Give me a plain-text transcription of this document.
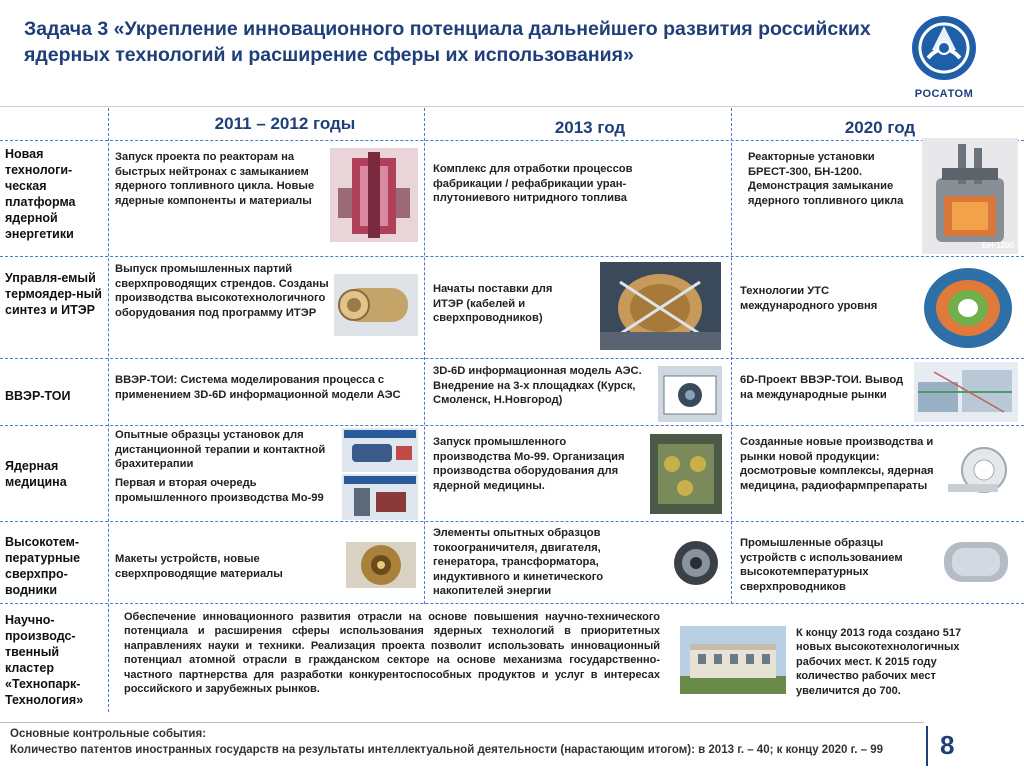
Задача 3 «Укрепление инновационного потенциала дальнейшего развития российских ядерных технологий и расширение сферы их использования»
РОСАТОМ
2011 – 2012 годы	2013 год	2020 год
Новая технологи-ческая платформа ядерной энергетики
Запуск проекта по реакторам на быстрых нейтронах с замыканием ядерного топливного цикла. Новые ядерные компоненты и материалы
Комплекс для отработки процессов фабрикации / рефабрикации уран-плутониевого нитридного топлива
Реакторные установки БРЕСТ-300, БН-1200. Демонстрация замыкание ядерного топливного цикла
БН-1200
Управля-емый термоядер-ный синтез и ИТЭР
Выпуск промышленных партий сверхпроводящих стрендов. Созданы производства высокотехнологичного оборудования под программу ИТЭР
Начаты поставки для ИТЭР (кабелей и сверхпроводников)
Технологии УТС международного уровня
ВВЭР-ТОИ
ВВЭР-ТОИ: Система моделирования процесса с применением 3D-6D информационной модели АЭС
3D-6D информационная модель АЭС. Внедрение на 3-х площадках (Курск, Смоленск, Н.Новгород)
6D-Проект ВВЭР-ТОИ. Вывод на международные рынки
Ядерная медицина
Опытные образцы установок для дистанционной терапии и контактной брахитерапии
Первая и вторая очередь промышленного производства Мо-99
Запуск промышленного производства Мо-99. Организация производства оборудования для ядерной медицины.
Созданные новые производства и рынки новой продукции: досмотровые комплексы, ядерная медицина, радиофармпрепараты
Высокотем-пературные сверхпро-водники
Макеты устройств, новые сверхпроводящие материалы
Элементы опытных образцов токоограничителя, двигателя, генератора, трансформатора, индуктивного и кинетического накопителей энергии
Промышленные образцы устройств с использованием высокотемпературных сверхпроводников
Научно-производс-твенный кластер «Технопарк-Технология»
Обеспечение инновационного развития отрасли на основе повышения научно-технического потенциала и расширения сферы использования ядерных технологий в приоритетных направлениях науки и техники. Реализация проекта позволит использовать инновационный потенциал атомной отрасли в гражданском секторе на основе механизма государственно-частного партнерства для разработки конкурентоспособных продуктов и услуг в интересах российского и зарубежных рынков.
К концу 2013 года создано 517 новых высокотехнологичных рабочих мест. К 2015 году количество рабочих мест увеличится до 700.
Основные контрольные события:
Количество патентов иностранных государств на результаты интеллектуальной деятельности (нарастающим итогом): в 2013 г. – 40; к концу 2020 г. – 99 8
